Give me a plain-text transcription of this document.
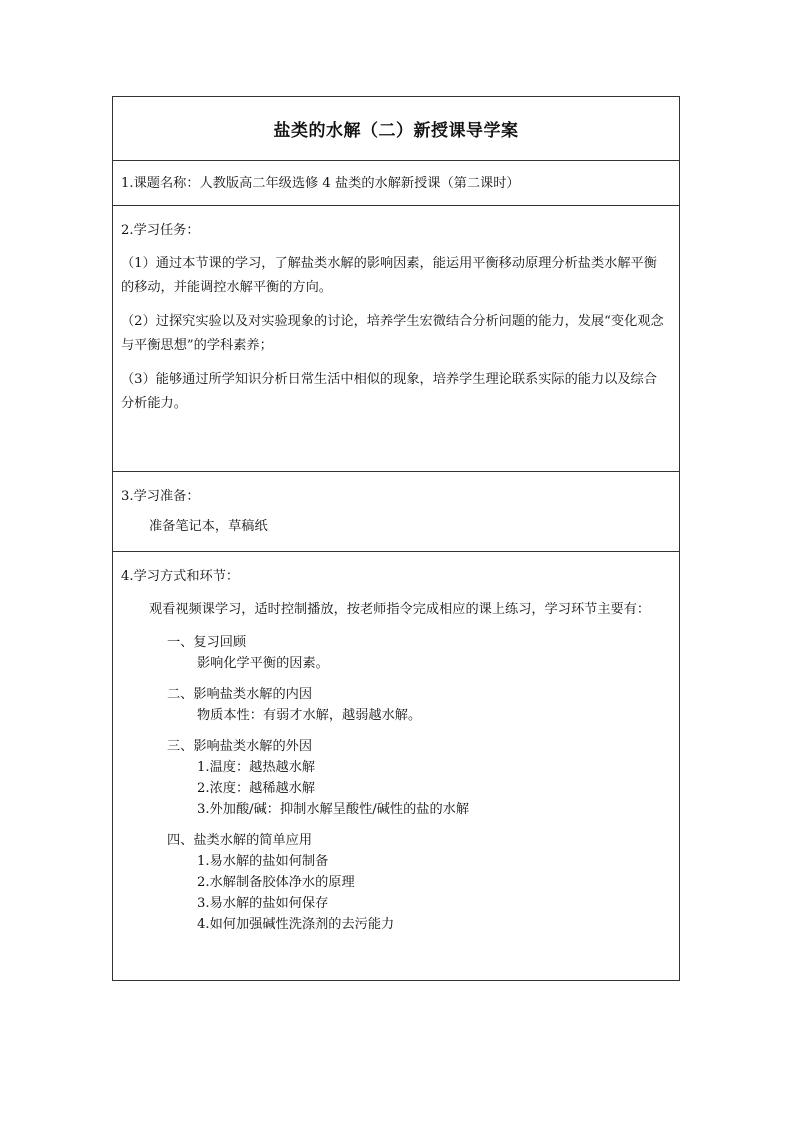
盐类的水解（二）新授课导学案
1.课题名称：人教版高二年级选修 4 盐类的水解新授课（第二课时）
2.学习任务：
（1）通过本节课的学习，了解盐类水解的影响因素，能运用平衡移动原理分析盐类水解平衡的移动，并能调控水解平衡的方向。
（2）过探究实验以及对实验现象的讨论，培养学生宏微结合分析问题的能力，发展“变化观念与平衡思想”的学科素养；
（3）能够通过所学知识分析日常生活中相似的现象，培养学生理论联系实际的能力以及综合分析能力。
3.学习准备：
准备笔记本，草稿纸
4.学习方式和环节：
观看视频课学习，适时控制播放，按老师指令完成相应的课上练习，学习环节主要有：
一、复习回顾
影响化学平衡的因素。
二、影响盐类水解的内因
物质本性：有弱才水解，越弱越水解。
三、影响盐类水解的外因
1.温度：越热越水解
2.浓度：越稀越水解
3.外加酸/碱：抑制水解呈酸性/碱性的盐的水解
四、盐类水解的简单应用
1.易水解的盐如何制备
2.水解制备胶体净水的原理
3.易水解的盐如何保存
4.如何加强碱性洗涤剂的去污能力
